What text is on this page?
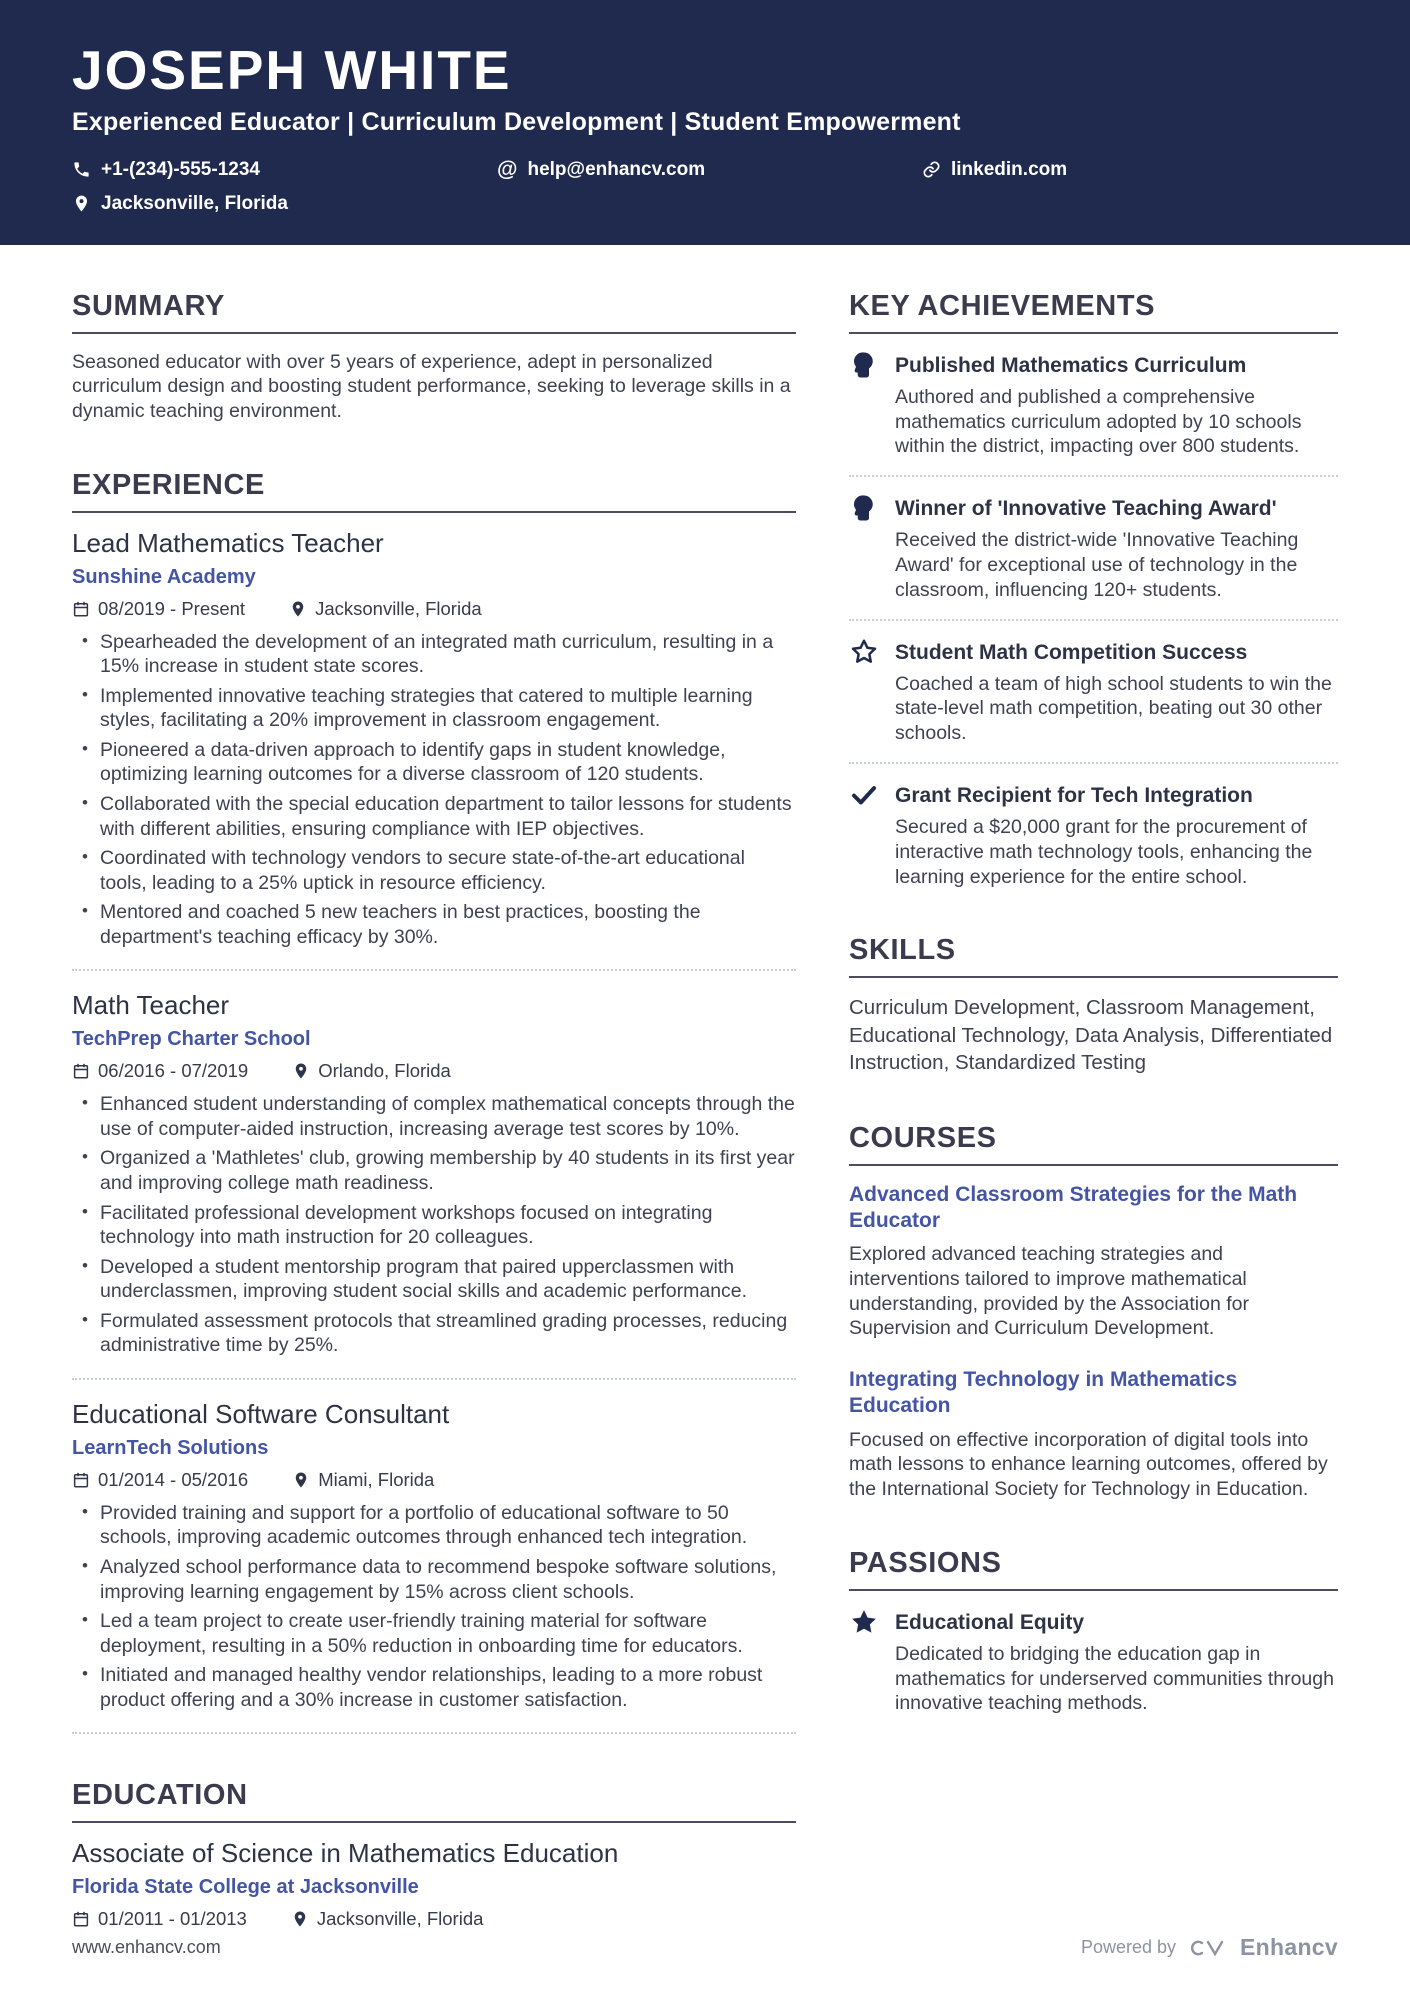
JOSEPH WHITE
Experienced Educator | Curriculum Development | Student Empowerment
+1-(234)-555-1234	@ help@enhancv.com	linkedin.com
Jacksonville, Florida
SUMMARY

Seasoned educator with over 5 years of experience, adept in personalized curriculum design and boosting student performance, seeking to leverage skills in a dynamic teaching environment.

EXPERIENCE
Lead Mathematics Teacher
Sunshine Academy
08/2019 - Present	Jacksonville, Florida
• Spearheaded the development of an integrated math curriculum, resulting in a 15% increase in student state scores.
• Implemented innovative teaching strategies that catered to multiple learning styles, facilitating a 20% improvement in classroom engagement.
• Pioneered a data-driven approach to identify gaps in student knowledge, optimizing learning outcomes for a diverse classroom of 120 students.
• Collaborated with the special education department to tailor lessons for students with different abilities, ensuring compliance with IEP objectives.
• Coordinated with technology vendors to secure state-of-the-art educational tools, leading to a 25% uptick in resource efficiency.
• Mentored and coached 5 new teachers in best practices, boosting the department's teaching efficacy by 30%.
Math Teacher
TechPrep Charter School
06/2016 - 07/2019	Orlando, Florida
• Enhanced student understanding of complex mathematical concepts through the use of computer-aided instruction, increasing average test scores by 10%.
• Organized a 'Mathletes' club, growing membership by 40 students in its first year and improving college math readiness.
• Facilitated professional development workshops focused on integrating technology into math instruction for 20 colleagues.
• Developed a student mentorship program that paired upperclassmen with underclassmen, improving student social skills and academic performance.
• Formulated assessment protocols that streamlined grading processes, reducing administrative time by 25%.
Educational Software Consultant
LearnTech Solutions
01/2014 - 05/2016	Miami, Florida
• Provided training and support for a portfolio of educational software to 50 schools, improving academic outcomes through enhanced tech integration.
• Analyzed school performance data to recommend bespoke software solutions, improving learning engagement by 15% across client schools.
• Led a team project to create user-friendly training material for software deployment, resulting in a 50% reduction in onboarding time for educators.
• Initiated and managed healthy vendor relationships, leading to a more robust product offering and a 30% increase in customer satisfaction.
EDUCATION
Associate of Science in Mathematics Education
Florida State College at Jacksonville
01/2011 - 01/2013	Jacksonville, Florida
KEY ACHIEVEMENTS
Published Mathematics Curriculum

Authored and published a comprehensive mathematics curriculum adopted by 10 schools within the district, impacting over 800 students.

Winner of 'Innovative Teaching Award'

Received the district-wide 'Innovative Teaching Award' for exceptional use of technology in the classroom, influencing 120+ students.

Student Math Competition Success

Coached a team of high school students to win the state-level math competition, beating out 30 other schools.

Grant Recipient for Tech Integration

Secured a $20,000 grant for the procurement of interactive math technology tools, enhancing the learning experience for the entire school.

SKILLS

Curriculum Development, Classroom Management, Educational Technology, Data Analysis, Differentiated Instruction, Standardized Testing

COURSES
Advanced Classroom Strategies for the Math Educator

Explored advanced teaching strategies and interventions tailored to improve mathematical understanding, provided by the Association for Supervision and Curriculum Development.

Integrating Technology in Mathematics Education

Focused on effective incorporation of digital tools into math lessons to enhance learning outcomes, offered by the International Society for Technology in Education.

PASSIONS
Educational Equity

Dedicated to bridging the education gap in mathematics for underserved communities through innovative teaching methods.

www.enhancv.com	Powered by	Enhancv
